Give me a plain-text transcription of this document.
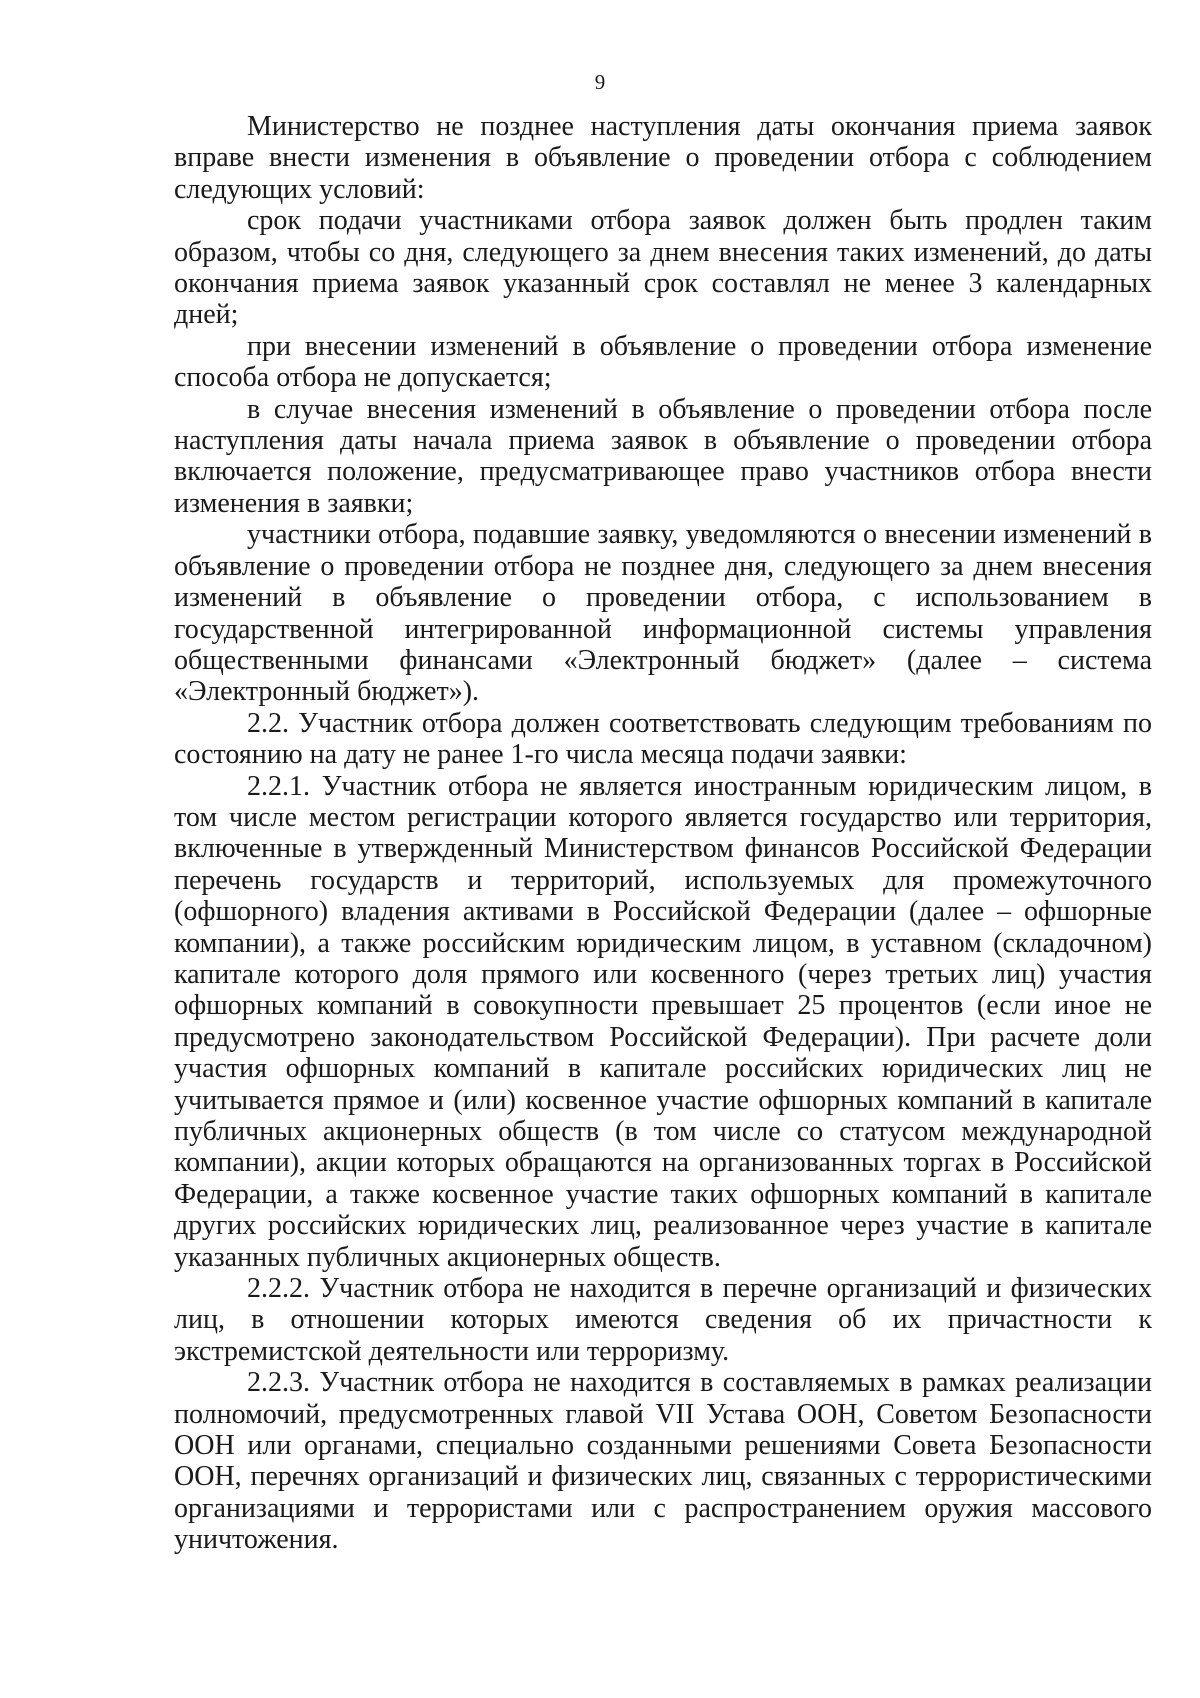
9

Министерство не позднее наступления даты окончания приема заявок вправе внести изменения в объявление о проведении отбора с соблюдением следующих условий:

срок подачи участниками отбора заявок должен быть продлен таким образом, чтобы со дня, следующего за днем внесения таких изменений, до даты окончания приема заявок указанный срок составлял не менее 3 календарных дней;

при внесении изменений в объявление о проведении отбора изменение способа отбора не допускается;

в случае внесения изменений в объявление о проведении отбора после наступления даты начала приема заявок в объявление о проведении отбора включается положение, предусматривающее право участников отбора внести изменения в заявки;

участники отбора, подавшие заявку, уведомляются о внесении изменений в объявление о проведении отбора не позднее дня, следующего за днем внесения изменений в объявление о проведении отбора, с использованием в государственной интегрированной информационной системы управления общественными финансами «Электронный бюджет» (далее – система «Электронный бюджет»).

2.2. Участник отбора должен соответствовать следующим требованиям по состоянию на дату не ранее 1-го числа месяца подачи заявки:

2.2.1. Участник отбора не является иностранным юридическим лицом, в том числе местом регистрации которого является государство или территория, включенные в утвержденный Министерством финансов Российской Федерации перечень государств и территорий, используемых для промежуточного (офшорного) владения активами в Российской Федерации (далее – офшорные компании), а также российским юридическим лицом, в уставном (складочном) капитале которого доля прямого или косвенного (через третьих лиц) участия офшорных компаний в совокупности превышает 25 процентов (если иное не предусмотрено законодательством Российской Федерации). При расчете доли участия офшорных компаний в капитале российских юридических лиц не учитывается прямое и (или) косвенное участие офшорных компаний в капитале публичных акционерных обществ (в том числе со статусом международной компании), акции которых обращаются на организованных торгах в Российской Федерации, а также косвенное участие таких офшорных компаний в капитале других российских юридических лиц, реализованное через участие в капитале указанных публичных акционерных обществ.

2.2.2. Участник отбора не находится в перечне организаций и физических лиц, в отношении которых имеются сведения об их причастности к экстремистской деятельности или терроризму.

2.2.3. Участник отбора не находится в составляемых в рамках реализации полномочий, предусмотренных главой VII Устава ООН, Советом Безопасности ООН или органами, специально созданными решениями Совета Безопасности ООН, перечнях организаций и физических лиц, связанных с террористическими организациями и террористами или с распространением оружия массового уничтожения.
